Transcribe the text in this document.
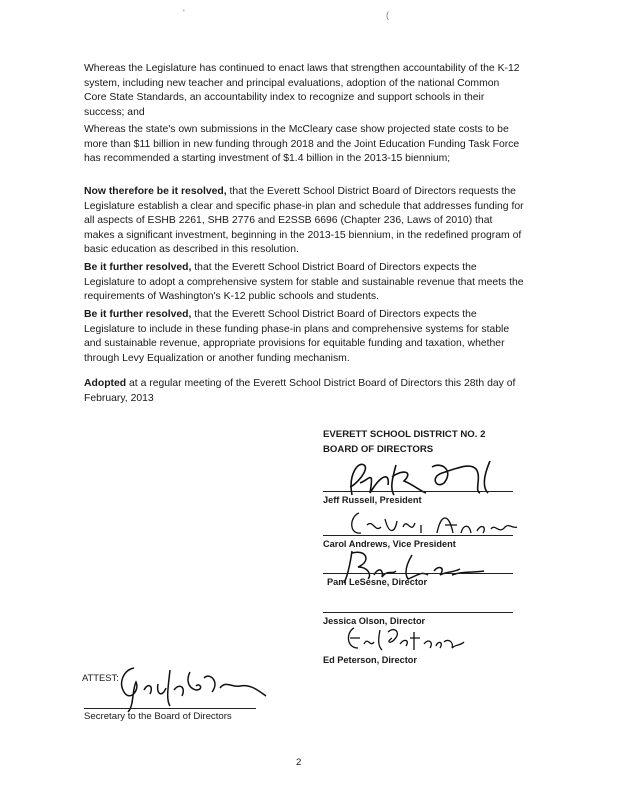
'	(

Whereas the Legislature has continued to enact laws that strengthen accountability of the K-12 system, including new teacher and principal evaluations, adoption of the national Common Core State Standards, an accountability index to recognize and support schools in their success; and

Whereas the state's own submissions in the McCleary case show projected state costs to be more than $11 billion in new funding through 2018 and the Joint Education Funding Task Force has recommended a starting investment of $1.4 billion in the 2013-15 biennium;

Now therefore be it resolved, that the Everett School District Board of Directors requests the Legislature establish a clear and specific phase-in plan and schedule that addresses funding for all aspects of ESHB 2261, SHB 2776 and E2SSB 6696 (Chapter 236, Laws of 2010) that makes a significant investment, beginning in the 2013-15 biennium, in the redefined program of basic education as described in this resolution.

Be it further resolved, that the Everett School District Board of Directors expects the Legislature to adopt a comprehensive system for stable and sustainable revenue that meets the requirements of Washington's K-12 public schools and students.

Be it further resolved, that the Everett School District Board of Directors expects the Legislature to include in these funding phase-in plans and comprehensive systems for stable and sustainable revenue, appropriate provisions for equitable funding and taxation, whether through Levy Equalization or another funding mechanism.

Adopted at a regular meeting of the Everett School District Board of Directors this 28th day of February, 2013

EVERETT SCHOOL DISTRICT NO. 2
BOARD OF DIRECTORS
Jeff Russell, President
Carol Andrews, Vice President
Pam LeSesne, Director
Jessica Olson, Director
Ed Peterson, Director
ATTEST:
Secretary to the Board of Directors
2
